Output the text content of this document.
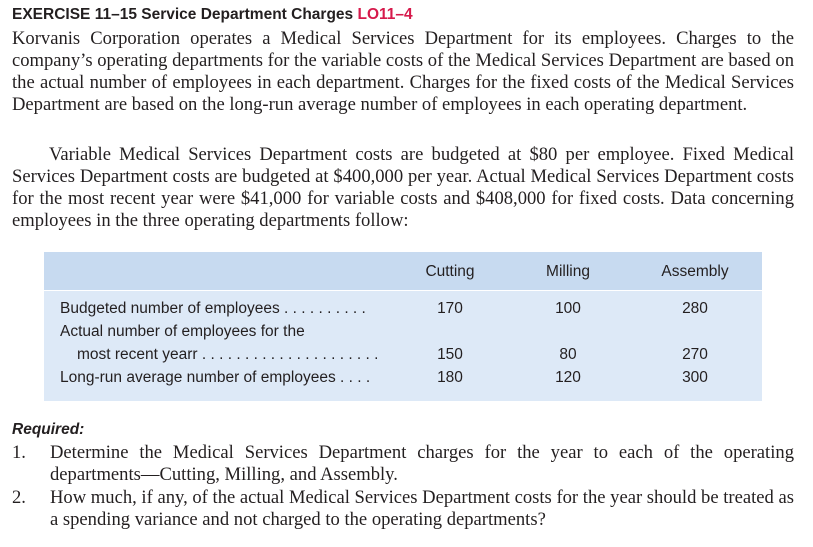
EXERCISE 11–15 Service Department Charges LO11–4

Korvanis Corporation operates a Medical Services Department for its employees. Charges to the company’s operating departments for the variable costs of the Medical Services Department are based on the actual number of employees in each department. Charges for the fixed costs of the Medical Services Department are based on the long-run average number of employees in each operating department.

Variable Medical Services Department costs are budgeted at $80 per employee. Fixed Medical Services Department costs are budgeted at $400,000 per year. Actual Medical Services Department costs for the most recent year were $41,000 for variable costs and $408,000 for fixed costs. Data concerning employees in the three operating departments follow:

Cutting	Milling	Assembly
Budgeted number of employees . . . . . . . . . .	170	100	280
Actual number of employees for the
most recent yearr . . . . . . . . . . . . . . . . . . . . .	150	80	270
Long-run average number of employees . . . .	180	120	300
Required:
1. Determine the Medical Services Department charges for the year to each of the operating departments—Cutting, Milling, and Assembly.
2. How much, if any, of the actual Medical Services Department costs for the year should be treated as a spending variance and not charged to the operating departments?
